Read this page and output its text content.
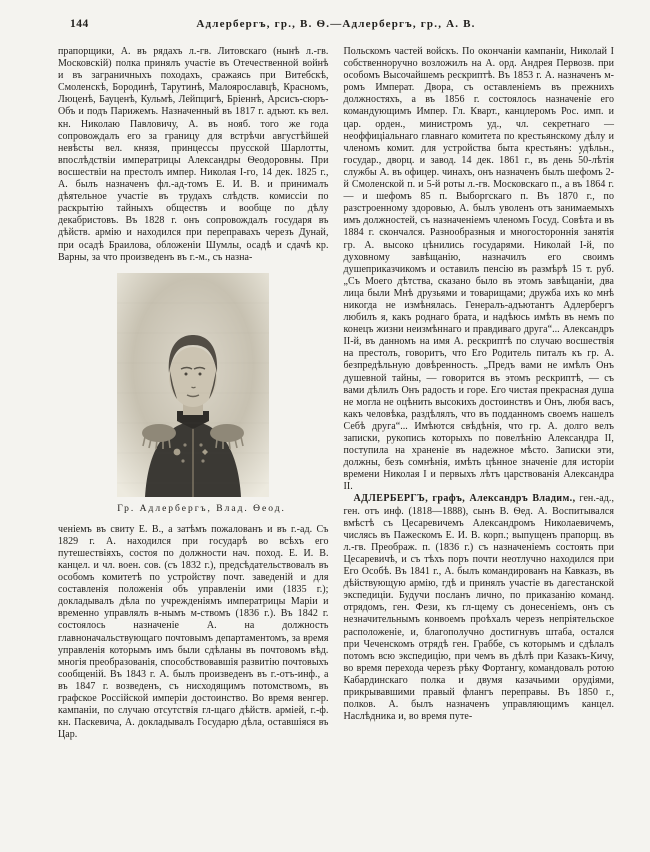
144	Адлербергъ, гр., В. Ѳ.—Адлербергъ, гр., А. В.

прапорщики, А. въ рядахъ л.-гв. Литовскаго (нынѣ л.-гв. Московскій) полка принялъ участіе въ Отечественной войнѣ и въ заграничныхъ походахъ, сражаясь при Витебскѣ, Смоленскѣ, Бородинѣ, Тарутинѣ, Малоярославцѣ, Красномъ, Люценѣ, Бауценѣ, Кульмѣ, Лейпцигѣ, Бріеннѣ, Арсисъ-сюръ-Объ и подъ Парижемъ. Назначенный въ 1817 г. адъют. къ вел. кн. Николаю Павловичу, А. въ нояб. того же года сопровождалъ его за границу для встрѣчи августѣйшей невѣсты вел. князя, принцессы прусской Шарлотты, впослѣдствіи императрицы Александры Ѳеодоровны. При восшествіи на престолъ импер. Николая I-го, 14 дек. 1825 г., А. былъ назначенъ фл.-ад-томъ Е. И. В. и принималъ дѣятельное участіе въ трудахъ слѣдств. комиссіи по раскрытію тайныхъ обществъ и вообще по дѣлу декабристовъ. Въ 1828 г. онъ сопровождалъ государя въ дѣйств. армію и находился при переправахъ черезъ Дунай, при осадѣ Браилова, обложеніи Шумлы, осадѣ и сдачѣ кр. Варны, за что произведенъ въ г.-м., съ назна-

Гр. Адлербергъ, Влад. Ѳеод.

ченіемъ въ свиту Е. В., а затѣмъ пожалованъ и въ г.-ад. Съ 1829 г. А. находился при государѣ во всѣхъ его путешествіяхъ, состоя по должности нач. поход. Е. И. В. канцел. и чл. воен. сов. (съ 1832 г.), предсѣдательствовалъ въ особомъ комитетѣ по устройству почт. заведеній и для составленія положенія объ управленіи ими (1835 г.); докладывалъ дѣла по учрежденіямъ императрицы Маріи и временно управлялъ в-нымъ м-ствомъ (1836 г.). Въ 1842 г. состоялось назначеніе А. на должность главноначальствующаго почтовымъ департаментомъ, за время управленія которымъ имъ были сдѣланы въ почтовомъ вѣд. многія преобразованія, способствовавшія развитію почтовыхъ сообщеній. Въ 1843 г. А. былъ произведенъ въ г.-отъ-инф., а въ 1847 г. возведенъ, съ нисходящимъ потомствомъ, въ графское Россійской имперіи достоинство. Во время венгер. кампаніи, по случаю отсутствія гл-щаго дѣйств. арміей, г.-ф. кн. Паскевича, А. докладывалъ Государю дѣла, оставшіяся въ Цар.

Польскомъ частей войскъ. По окончаніи кампаніи, Николай I собственноручно возложилъ на А. орд. Андрея Первозв. при особомъ Высочайшемъ рескриптѣ. Въ 1853 г. А. назначенъ м-ромъ Императ. Двора, съ оставленіемъ въ прежнихъ должностяхъ, а въ 1856 г. состоялось назначеніе его командующимъ Импер. Гл. Кварт., канцлеромъ Рос. имп. и цар. орден., министромъ уд., чл. секретнаго — неоффиціальнаго главнаго комитета по крестьянскому дѣлу и членомъ комит. для устройства быта крестьянъ: удѣльн., государ., дворц. и завод. 14 дек. 1861 г., въ день 50-лѣтія службы А. въ офицер. чинахъ, онъ назначенъ былъ шефомъ 2-й Смоленской п. и 5-й роты л.-гв. Московскаго п., а въ 1864 г. — и шефомъ 85 п. Выборгскаго п. Въ 1870 г., по разстроенному здоровью, А. былъ уволенъ отъ занимаемыхъ имъ должностей, съ назначеніемъ членомъ Госуд. Совѣта и въ 1884 г. скончался. Разнообразныя и многостороннія занятія гр. А. высоко цѣнились государями. Николай I-й, по духовному завѣщанію, назначилъ его своимъ душеприказчикомъ и оставилъ пенсію въ размѣрѣ 15 т. руб. „Съ Моего дѣтства, сказано было въ этомъ завѣщаніи, два лица были Мнѣ друзьями и товарищами; дружба ихъ ко мнѣ никогда не измѣнялась. Генералъ-адъютантъ Адлербергъ любилъ я, какъ роднаго брата, и надѣюсь имѣть въ немъ по конецъ жизни неизмѣннаго и правдиваго друга“... Александръ II-й, въ данномъ на имя А. рескриптѣ по случаю восшествія на престолъ, говоритъ, что Его Родитель питалъ къ гр. А. безпредѣльную довѣренность. „Предъ вами не имѣлъ Онъ душевной тайны, — говорится въ этомъ рескриптѣ, — съ вами дѣлилъ Онъ радость и горе. Его чистая прекрасная душа не могла не оцѣнить высокихъ достоинствъ и Онъ, любя васъ, какъ человѣка, раздѣлялъ, что въ подданномъ своемъ нашелъ Себѣ друга“... Имѣются свѣдѣнія, что гр. А. долго велъ записки, рукопись которыхъ по повелѣнію Александра II, поступила на храненіе въ надежное мѣсто. Записки эти, должны, безъ сомнѣнія, имѣть цѣнное значеніе для исторіи времени Николая I и первыхъ лѣтъ царствованія Александра II.

АДЛЕРБЕРГЪ, графъ, Александръ Владим., ген.-ад., ген. отъ инф. (1818—1888), сынъ В. Ѳед. А. Воспитывался вмѣстѣ съ Цесаревичемъ Александромъ Николаевичемъ, числясь въ Пажескомъ Е. И. В. корп.; выпущенъ прапорщ. въ л.-гв. Преображ. п. (1836 г.) съ назначеніемъ состоять при Цесаревичѣ, и съ тѣхъ поръ почти неотлучно находился при Его Особѣ. Въ 1841 г., А. былъ командированъ на Кавказъ, въ дѣйствующую армію, гдѣ и принялъ участіе въ дагестанской экспедиціи. Будучи посланъ лично, по приказанію команд. отрядомъ, ген. Фези, къ гл-щему съ донесеніемъ, онъ съ незначительнымъ конвоемъ проѣхалъ черезъ непріятельское расположеніе, и, благополучно достигнувъ штаба, остался при Чеченскомъ отрядѣ ген. Граббе, съ которымъ и сдѣлалъ потомъ всю экспедицію, при чемъ въ дѣлѣ при Казакъ-Кичу, во время перехода черезъ рѣку Фортангу, командовалъ ротою Кабардинскаго полка и двумя казачьими орудіями, прикрывавшими правый флангъ переправы. Въ 1850 г., полков. А. былъ назначенъ управляющимъ канцел. Наслѣдника и, во время путе-
